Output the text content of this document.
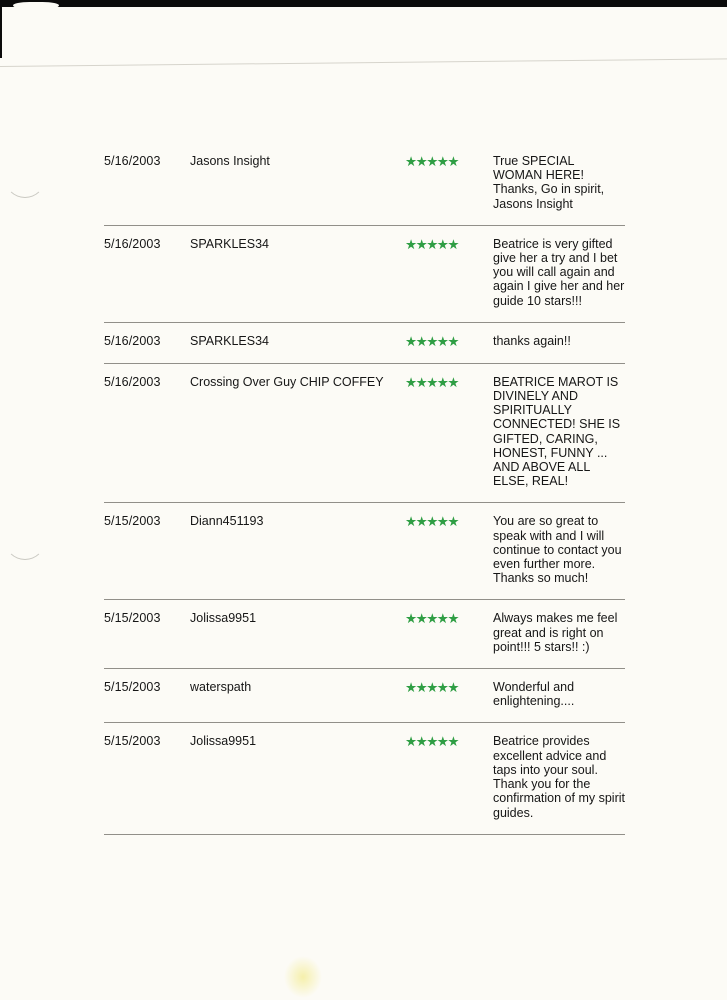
5/16/2003	Jasons Insight	★★★★★	True SPECIAL WOMAN HERE! Thanks, Go in spirit, Jasons Insight
5/16/2003	SPARKLES34	★★★★★	Beatrice is very gifted give her a try and I bet you will call again and again I give her and her guide 10 stars!!!
5/16/2003	SPARKLES34	★★★★★	thanks again!!
5/16/2003	Crossing Over Guy CHIP COFFEY	★★★★★	BEATRICE MAROT IS DIVINELY AND SPIRITUALLY CONNECTED! SHE IS GIFTED, CARING, HONEST, FUNNY ... AND ABOVE ALL ELSE, REAL!
5/15/2003	Diann451193	★★★★★	You are so great to speak with and I will continue to contact you even further more. Thanks so much!
5/15/2003	Jolissa9951	★★★★★	Always makes me feel great and is right on point!!! 5 stars!! :)
5/15/2003	waterspath	★★★★★	Wonderful and enlightening....
5/15/2003	Jolissa9951	★★★★★	Beatrice provides excellent advice and taps into your soul. Thank you for the confirmation of my spirit guides.
